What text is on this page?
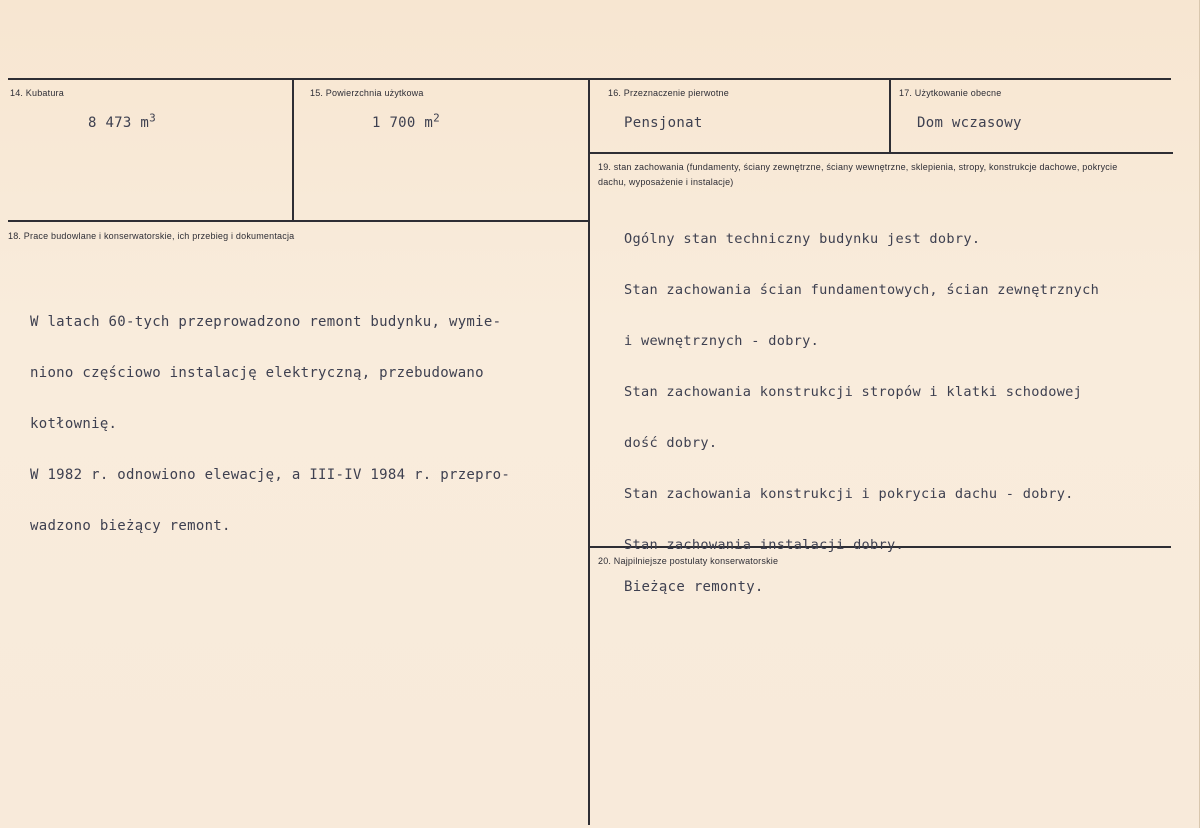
14. Kubatura
8 473 $m^3$
15. Powierzchnia użytkowa
1 700 $m^2$
16. Przeznaczenie pierwotne
Pensjonat
17. Użytkowanie obecne
Dom wczasowy
18. Prace budowlane i konserwatorskie, ich przebieg i dokumentacja

W latach 60-tych przeprowadzono remont budynku, wymie-

niono częściowo instalację elektryczną, przebudowano

kotłownię.

W 1982 r. odnowiono elewację, a III-IV 1984 r. przepro-

wadzono bieżący remont.

19. stan zachowania (fundamenty, ściany zewnętrzne, ściany wewnętrzne, sklepienia, stropy, konstrukcje dachowe, pokrycie dachu, wyposażenie i instalacje)

Ogólny stan techniczny budynku jest dobry.

Stan zachowania ścian fundamentowych, ścian zewnętrznych

i wewnętrznych - dobry.

Stan zachowania konstrukcji stropów i klatki schodowej

dość dobry.

Stan zachowania konstrukcji i pokrycia dachu - dobry.

Stan zachowania instalacji dobry.

20. Najpilniejsze postulaty konserwatorskie
Bieżące remonty.
